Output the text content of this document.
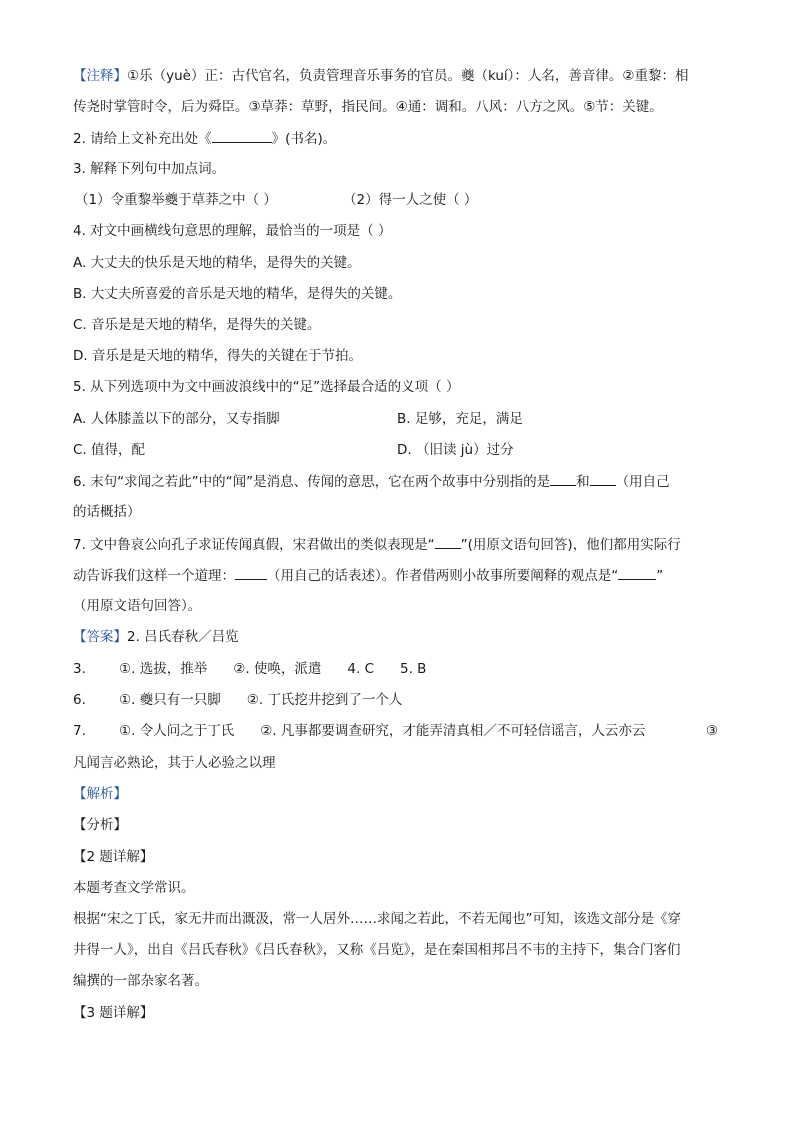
【注释】①乐（yuè）正：古代官名，负责管理音乐事务的官员。夔（kuí）：人名，善音律。②重黎：相
传尧时掌管时令，后为舜臣。③草莽：草野，指民间。④通：调和。八风：八方之风。⑤节：关键。
2. 请给上文补充出处《	》(书名)。
3. 解释下列句中加点词。
（1）令重黎举夔于草莽之中（ ）	（2）得一人之使（ ）
4. 对文中画横线句意思的理解，最恰当的一项是（ ）
A. 大丈夫的快乐是天地的精华，是得失的关键。
B. 大丈夫所喜爱的音乐是天地的精华，是得失的关键。
C. 音乐是是天地的精华，是得失的关键。
D. 音乐是是天地的精华，得失的关键在于节拍。
5. 从下列选项中为文中画波浪线中的“足”选择最合适的义项（ ）
A. 人体膝盖以下的部分，又专指脚	B. 足够，充足，满足
C. 值得，配	D. （旧读 jù）过分
6. 末句“求闻之若此”中的“闻”是消息、传闻的意思，它在两个故事中分别指的是 和 （用自己
的话概括）
7. 文中鲁哀公向孔子求证传闻真假，宋君做出的类似表现是“ ”(用原文语句回答)，他们都用实际行
动告诉我们这样一个道理： （用自己的话表述）。作者借两则小故事所要阐释的观点是“	”
（用原文语句回答）。
【答案】2. 吕氏春秋／吕览
3. ①. 选拔，推举 ②. 使唤，派遣 4. C 5. B
6. ①. 夔只有一只脚 ②. 丁氏挖井挖到了一个人
7. ①. 令人问之于丁氏 ②. 凡事都要调查研究，才能弄清真相／不可轻信谣言，人云亦云	③
凡闻言必熟论，其于人必验之以理
【解析】
【分析】
【2 题详解】
本题考查文学常识。
根据“宋之丁氏，家无井而出溉汲，常一人居外……求闻之若此，不若无闻也”可知，该选文部分是《穿
井得一人》，出自《吕氏春秋》《吕氏春秋》，又称《吕览》，是在秦国相邦吕不韦的主持下，集合门客们
编撰的一部杂家名著。
【3 题详解】
